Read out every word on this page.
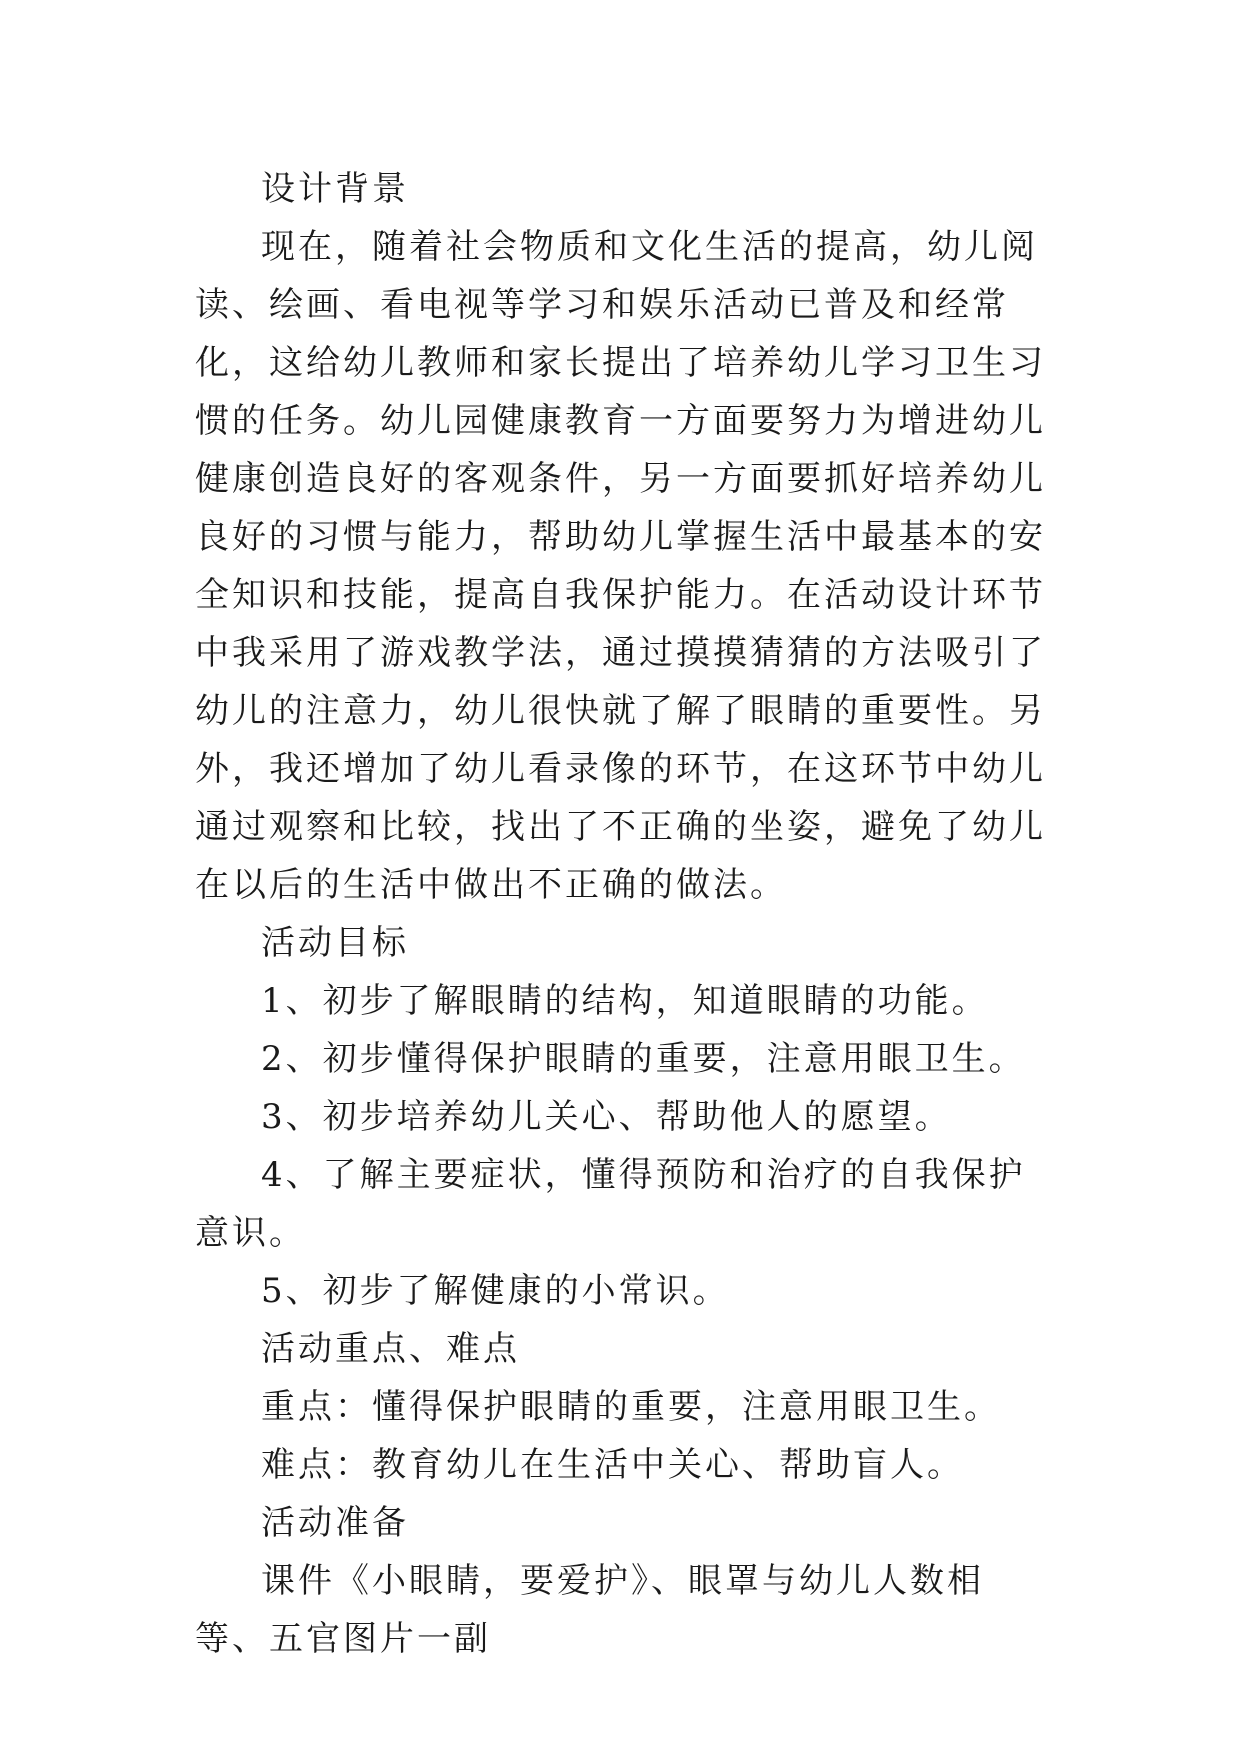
设计背景

现在，随着社会物质和文化生活的提高，幼儿阅读、绘画、看电视等学习和娱乐活动已普及和经常化，这给幼儿教师和家长提出了培养幼儿学习卫生习惯的任务。幼儿园健康教育一方面要努力为增进幼儿健康创造良好的客观条件，另一方面要抓好培养幼儿良好的习惯与能力，帮助幼儿掌握生活中最基本的安全知识和技能，提高自我保护能力。在活动设计环节中我采用了游戏教学法，通过摸摸猜猜的方法吸引了幼儿的注意力，幼儿很快就了解了眼睛的重要性。另外，我还增加了幼儿看录像的环节，在这环节中幼儿通过观察和比较，找出了不正确的坐姿，避免了幼儿在以后的生活中做出不正确的做法。

活动目标

1、初步了解眼睛的结构，知道眼睛的功能。

2、初步懂得保护眼睛的重要，注意用眼卫生。

3、初步培养幼儿关心、帮助他人的愿望。

4、了解主要症状，懂得预防和治疗的自我保护意识。

5、初步了解健康的小常识。

活动重点、难点

重点：懂得保护眼睛的重要，注意用眼卫生。

难点：教育幼儿在生活中关心、帮助盲人。

活动准备

课件《小眼睛，要爱护》、眼罩与幼儿人数相等、五官图片一副
